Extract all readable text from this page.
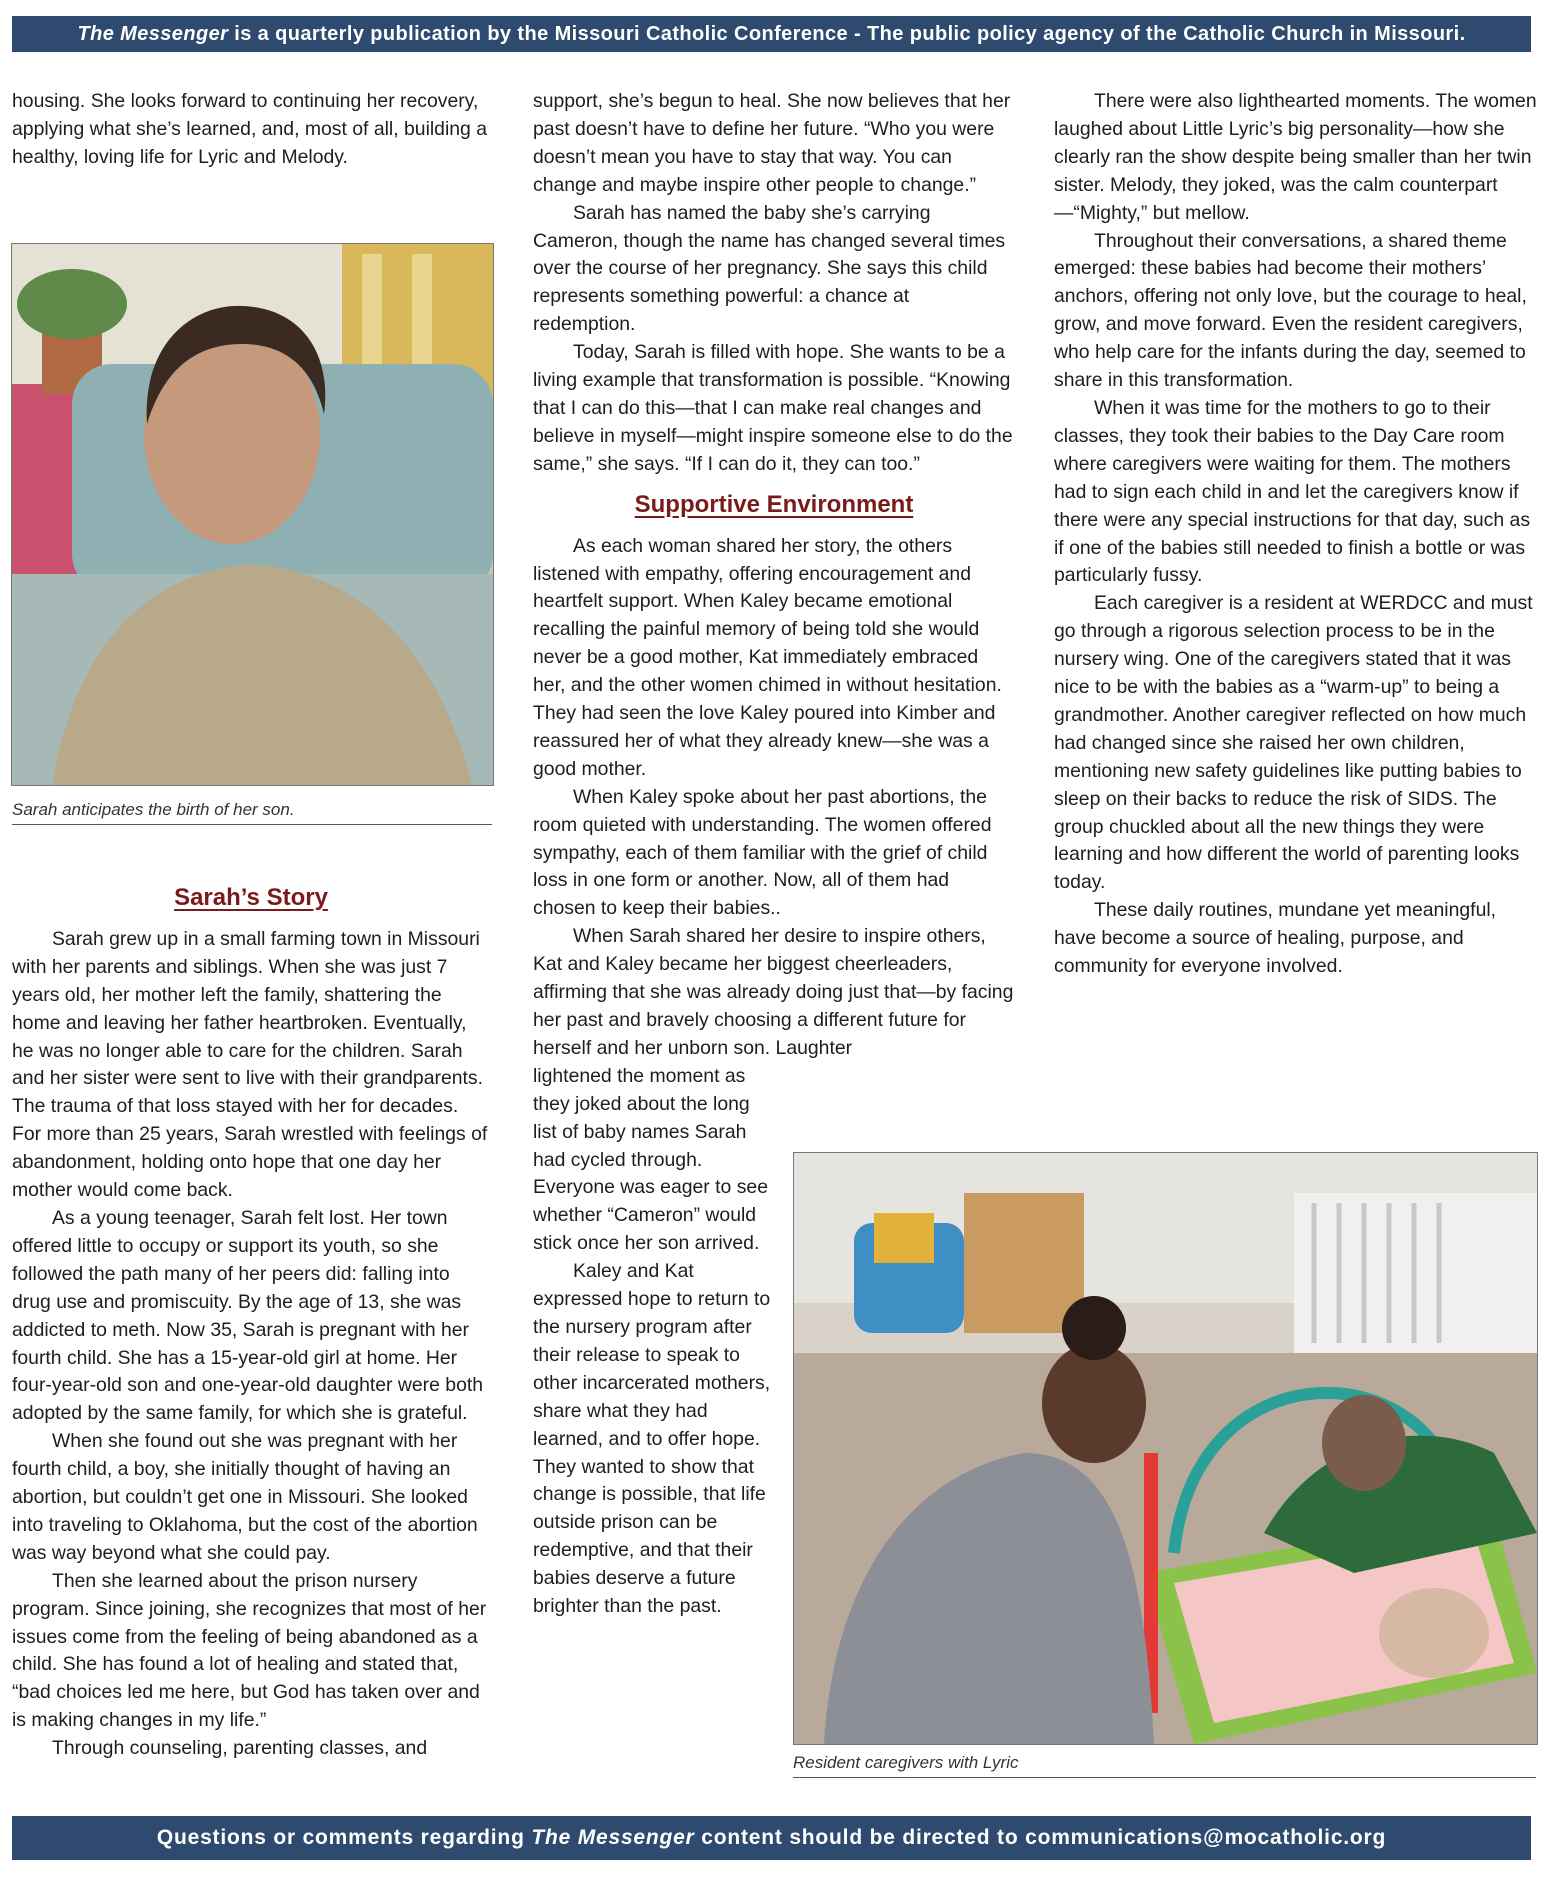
The Messenger is a quarterly publication by the Missouri Catholic Conference - The public policy agency of the Catholic Church in Missouri.

housing. She looks forward to continuing her recovery, applying what she’s learned, and, most of all, building a healthy, loving life for Lyric and Melody.

Sarah anticipates the birth of her son.
Sarah’s Story

Sarah grew up in a small farming town in Missouri with her parents and siblings. When she was just 7 years old, her mother left the family, shattering the home and leaving her father heartbroken. Eventually, he was no longer able to care for the children. Sarah and her sister were sent to live with their grandparents. The trauma of that loss stayed with her for decades. For more than 25 years, Sarah wrestled with feelings of abandonment, holding onto hope that one day her mother would come back.

As a young teenager, Sarah felt lost. Her town offered little to occupy or support its youth, so she followed the path many of her peers did: falling into drug use and promiscuity. By the age of 13, she was addicted to meth. Now 35, Sarah is pregnant with her fourth child. She has a 15-year-old girl at home. Her four-year-old son and one-year-old daughter were both adopted by the same family, for which she is grateful.

When she found out she was pregnant with her fourth child, a boy, she initially thought of having an abortion, but couldn’t get one in Missouri. She looked into traveling to Oklahoma, but the cost of the abortion was way beyond what she could pay.

Then she learned about the prison nursery program. Since joining, she recognizes that most of her issues come from the feeling of being abandoned as a child. She has found a lot of healing and stated that, “bad choices led me here, but God has taken over and is making changes in my life.”

Through counseling, parenting classes, and

support, she’s begun to heal. She now believes that her past doesn’t have to define her future. “Who you were doesn’t mean you have to stay that way. You can change and maybe inspire other people to change.”

Sarah has named the baby she’s carrying Cameron, though the name has changed several times over the course of her pregnancy. She says this child represents something powerful: a chance at redemption.

Today, Sarah is filled with hope. She wants to be a living example that transformation is possible. “Knowing that I can do this—that I can make real changes and believe in myself—might inspire someone else to do the same,” she says. “If I can do it, they can too.”

Supportive Environment

As each woman shared her story, the others listened with empathy, offering encouragement and heartfelt support. When Kaley became emotional recalling the painful memory of being told she would never be a good mother, Kat immediately embraced her, and the other women chimed in without hesitation. They had seen the love Kaley poured into Kimber and reassured her of what they already knew—she was a good mother.

When Kaley spoke about her past abortions, the room quieted with understanding. The women offered sympathy, each of them familiar with the grief of child loss in one form or another. Now, all of them had chosen to keep their babies..

When Sarah shared her desire to inspire others, Kat and Kaley became her biggest cheerleaders, affirming that she was already doing just that—by facing her past and bravely choosing a different future for herself and her unborn son. Laughter

lightened the moment as they joked about the long list of baby names Sarah had cycled through. Everyone was eager to see whether “Cameron” would stick once her son arrived.

Kaley and Kat expressed hope to return to the nursery program after their release to speak to other incarcerated mothers, share what they had learned, and to offer hope. They wanted to show that change is possible, that life outside prison can be redemptive, and that their babies deserve a future brighter than the past.

There were also lighthearted moments. The women laughed about Little Lyric’s big personality—how she clearly ran the show despite being smaller than her twin sister. Melody, they joked, was the calm counterpart—“Mighty,” but mellow.

Throughout their conversations, a shared theme emerged: these babies had become their mothers’ anchors, offering not only love, but the courage to heal, grow, and move forward. Even the resident caregivers, who help care for the infants during the day, seemed to share in this transformation.

When it was time for the mothers to go to their classes, they took their babies to the Day Care room where caregivers were waiting for them. The mothers had to sign each child in and let the caregivers know if there were any special instructions for that day, such as if one of the babies still needed to finish a bottle or was particularly fussy.

Each caregiver is a resident at WERDCC and must go through a rigorous selection process to be in the nursery wing. One of the caregivers stated that it was nice to be with the babies as a “warm-up” to being a grandmother. Another caregiver reflected on how much had changed since she raised her own children, mentioning new safety guidelines like putting babies to sleep on their backs to reduce the risk of SIDS. The group chuckled about all the new things they were learning and how different the world of parenting looks today.

These daily routines, mundane yet meaningful, have become a source of healing, purpose, and community for everyone involved.

Resident caregivers with Lyric
Questions or comments regarding The Messenger content should be directed to communications@mocatholic.org
